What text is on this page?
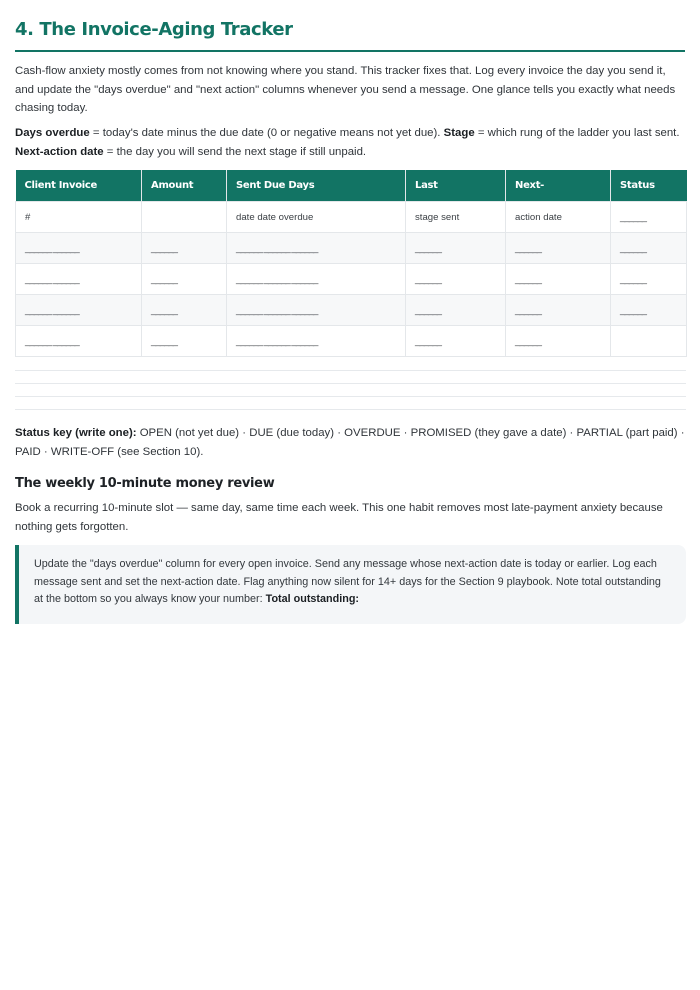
4. The Invoice-Aging Tracker

Cash-flow anxiety mostly comes from not knowing where you stand. This tracker fixes that. Log every invoice the day you send it, and update the "days overdue" and "next action" columns whenever you send a message. One glance tells you exactly what needs chasing today.

Days overdue = today's date minus the due date (0 or negative means not yet due). Stage = which rung of the ladder you last sent. Next-action date = the day you will send the next stage if still unpaid.

Client Invoice	Amount	Sent Due Days	Last	Next-	Status
#		date date overdue	stage sent	action date	______
______ ______	______	______ ______ ______	______	______	______
______ ______	______	______ ______ ______	______	______	______
______ ______	______	______ ______ ______	______	______	______
______ ______	______	______ ______ ______	______	______	

Status key (write one): OPEN (not yet due) · DUE (due today) · OVERDUE · PROMISED (they gave a date) · PARTIAL (part paid) · PAID · WRITE-OFF (see Section 10).

The weekly 10-minute money review

Book a recurring 10-minute slot — same day, same time each week. This one habit removes most late-payment anxiety because nothing gets forgotten.

Update the "days overdue" column for every open invoice. Send any message whose next-action date is today or earlier. Log each message sent and set the next-action date. Flag anything now silent for 14+ days for the Section 9 playbook. Note total outstanding at the bottom so you always know your number: Total outstanding:
